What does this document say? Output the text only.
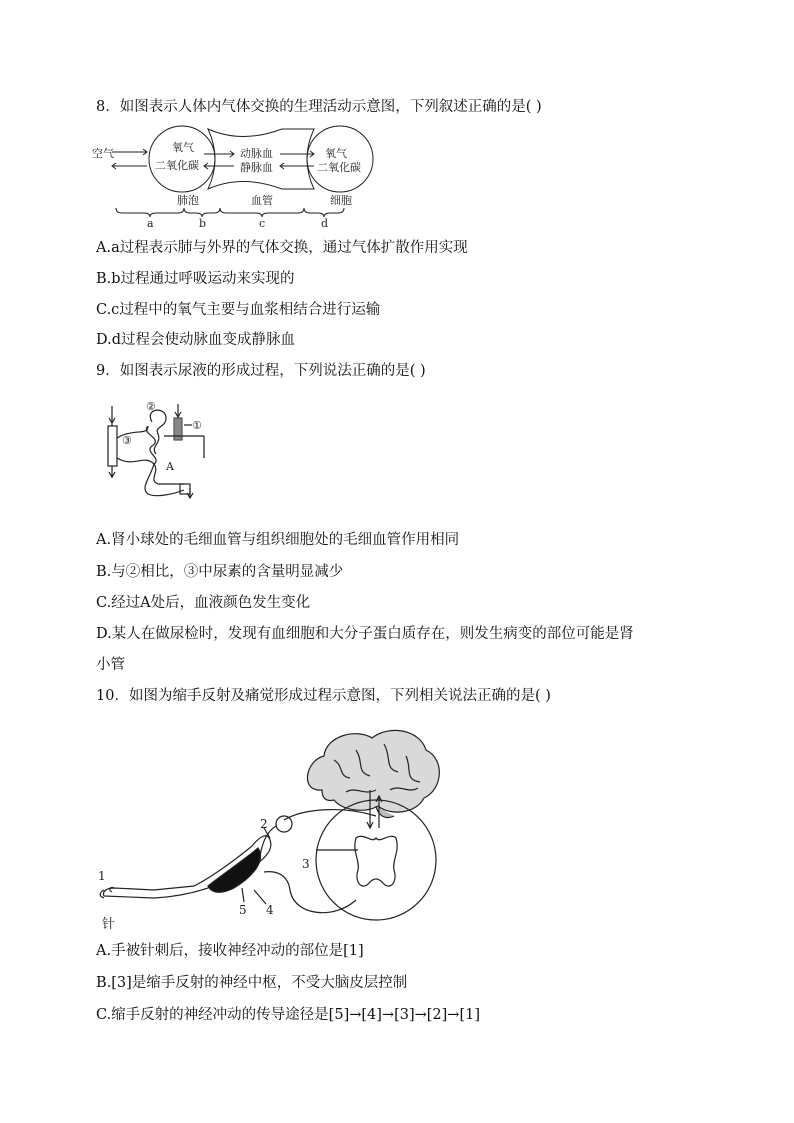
8．如图表示人体内气体交换的生理活动示意图，下列叙述正确的是( )
空气	氧气
二氧化碳
动脉血
静脉血
氧气
二氧化碳
肺泡	血管	细胞
a	b	c	d
A.a过程表示肺与外界的气体交换，通过气体扩散作用实现
B.b过程通过呼吸运动来实现的
C.c过程中的氧气主要与血浆相结合进行运输
D.d过程会使动脉血变成静脉血
9．如图表示尿液的形成过程，下列说法正确的是( )
②
①
③
A
A.肾小球处的毛细血管与组织细胞处的毛细血管作用相同
B.与②相比，③中尿素的含量明显减少
C.经过A处后，血液颜色发生变化
D.某人在做尿检时，发现有血细胞和大分子蛋白质存在，则发生病变的部位可能是肾
小管
10．如图为缩手反射及痛觉形成过程示意图，下列相关说法正确的是( )
1
2
3
4
5
针
A.手被针刺后，接收神经冲动的部位是[1]
B.[3]是缩手反射的神经中枢，不受大脑皮层控制
C.缩手反射的神经冲动的传导途径是[5]→[4]→[3]→[2]→[1]
